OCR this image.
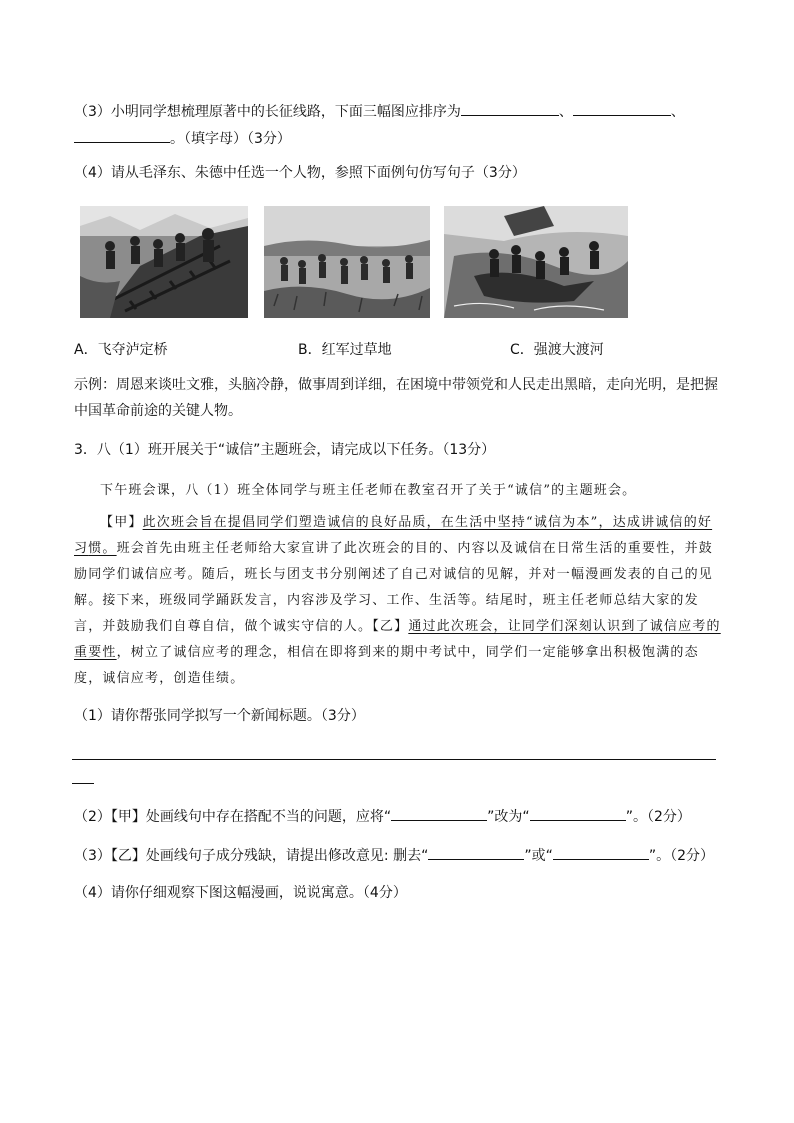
（3）小明同学想梳理原著中的长征线路，下面三幅图应排序为	、	、
。（填字母）（3分）
（4）请从毛泽东、朱德中任选一个人物，参照下面例句仿写句子（3分）
A．飞夺泸定桥	B．红军过草地	C．强渡大渡河
示例：周恩来谈吐文雅，头脑冷静，做事周到详细，在困境中带领党和人民走出黑暗，走向光明，是把握
中国革命前途的关键人物。
3．八（1）班开展关于“诚信”主题班会，请完成以下任务。（13分）
下午班会课，八（1）班全体同学与班主任老师在教室召开了关于“诚信”的主题班会。
【甲】此次班会旨在提倡同学们塑造诚信的良好品质，在生活中坚持“诚信为本”，达成讲诚信的好习惯。班会首先由班主任老师给大家宣讲了此次班会的目的、内容以及诚信在日常生活的重要性，并鼓励同学们诚信应考。随后，班长与团支书分别阐述了自己对诚信的见解，并对一幅漫画发表的自己的见解。接下来，班级同学踊跃发言，内容涉及学习、工作、生活等。结尾时，班主任老师总结大家的发言，并鼓励我们自尊自信，做个诚实守信的人。【乙】通过此次班会，让同学们深刻认识到了诚信应考的重要性，树立了诚信应考的理念，相信在即将到来的期中考试中，同学们一定能够拿出积极饱满的态度，诚信应考，创造佳绩。
（1）请你帮张同学拟写一个新闻标题。（3分）
（2）【甲】处画线句中存在搭配不当的问题，应将“	”改为“	”。（2分）
（3）【乙】处画线句子成分残缺，请提出修改意见: 删去“	”或“	”。（2分）
（4）请你仔细观察下图这幅漫画，说说寓意。（4分）
